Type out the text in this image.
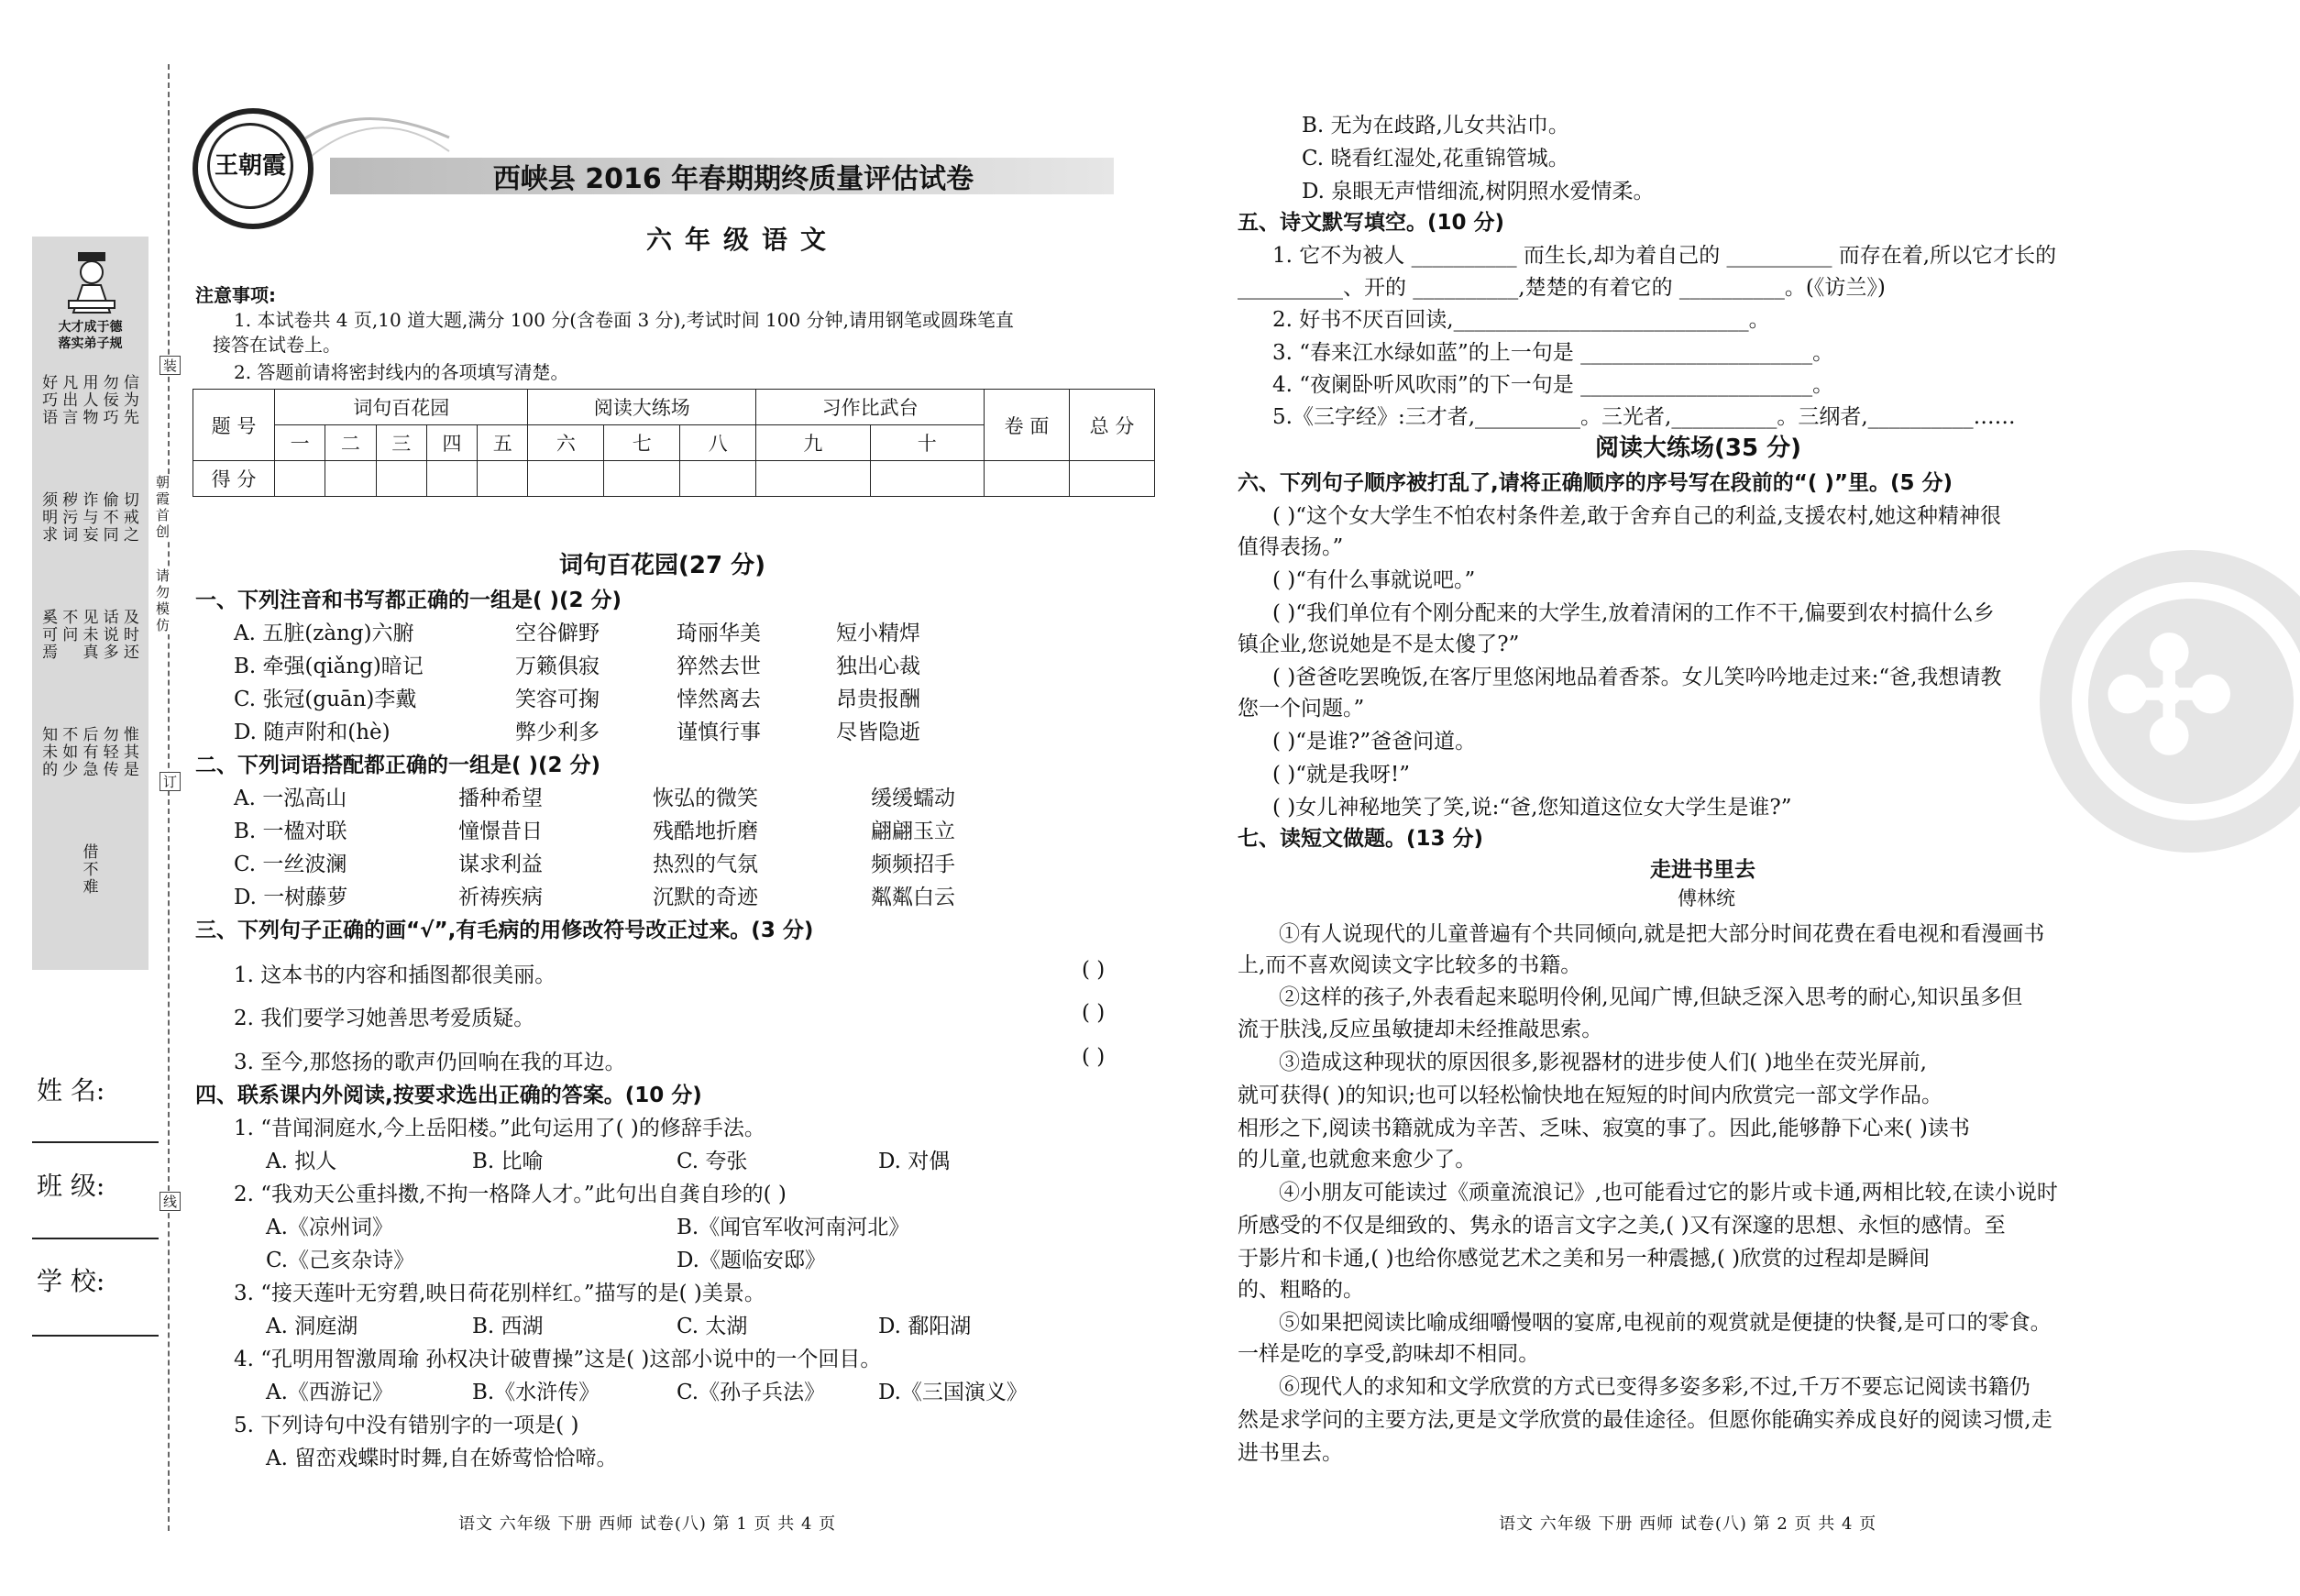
大才成于德
落实弟子规
好巧语 凡出言 用人物 勿佞巧 信为先
须明求 秽污词 诈与妄 偷不同 切戒之
奚可焉 不问 见未真 话说多 及时还
知未的 不如少 后有急 勿轻传 惟其是
借不难
装
订
线
朝霞首创
请勿模仿
姓 名:
班 级:
学 校:
王朝霞	西峡县 2016 年春期期终质量评估试卷
六年级语文
注意事项:
1. 本试卷共 4 页,10 道大题,满分 100 分(含卷面 3 分),考试时间 100 分钟,请用钢笔或圆珠笔直
接答在试卷上。
2. 答题前请将密封线内的各项填写清楚。
题 号	词句百花园					阅读大练场			习作比武台		卷 面	总 分
	一	二	三	四	五	六	七	八	九	十		
得 分												
词句百花园(27 分)
一、下列注音和书写都正确的一组是( )(2 分)
A. 五脏(zàng)六腑	空谷僻野	琦丽华美	短小精焊
B. 牵强(qiǎng)暗记	万籁俱寂	猝然去世	独出心裁
C. 张冠(guān)李戴	笑容可掬	悻然离去	昂贵报酬
D. 随声附和(hè)	弊少利多	谨慎行事	尽皆隐逝
二、下列词语搭配都正确的一组是( )(2 分)
A. 一泓高山	播种希望	恢弘的微笑	缓缓蠕动
B. 一楹对联	憧憬昔日	残酷地折磨	翩翩玉立
C. 一丝波澜	谋求利益	热烈的气氛	频频招手
D. 一树藤萝	祈祷疾病	沉默的奇迹	粼粼白云
三、下列句子正确的画“√”,有毛病的用修改符号改正过来。(3 分)
1. 这本书的内容和插图都很美丽。	( )
2. 我们要学习她善思考爱质疑。	( )
3. 至今,那悠扬的歌声仍回响在我的耳边。	( )
四、联系课内外阅读,按要求选出正确的答案。(10 分)
1. “昔闻洞庭水,今上岳阳楼。”此句运用了( )的修辞手法。
A. 拟人	B. 比喻	C. 夸张	D. 对偶
2. “我劝天公重抖擞,不拘一格降人才。”此句出自龚自珍的( )
A.《凉州词》	B.《闻官军收河南河北》
C.《己亥杂诗》	D.《题临安邸》
3. “接天莲叶无穷碧,映日荷花别样红。”描写的是( )美景。
A. 洞庭湖	B. 西湖	C. 太湖	D. 鄱阳湖
4. “孔明用智激周瑜 孙权决计破曹操”这是( )这部小说中的一个回目。
A.《西游记》	B.《水浒传》	C.《孙子兵法》	D.《三国演义》
5. 下列诗句中没有错别字的一项是( )
A. 留峦戏蝶时时舞,自在娇莺恰恰啼。
语文 六年级 下册 西师 试卷(八) 第 1 页 共 4 页
✣
B. 无为在歧路,儿女共沾巾。
C. 晓看红湿处,花重锦管城。
D. 泉眼无声惜细流,树阴照水爱情柔。
五、诗文默写填空。(10 分)
1. 它不为被人 __________ 而生长,却为着自己的 __________ 而存在着,所以它才长的
__________、开的 __________,楚楚的有着它的 __________。(《访兰》)
2. 好书不厌百回读,____________________________。
3. “春来江水绿如蓝”的上一句是 ______________________。
4. “夜阑卧听风吹雨”的下一句是 ______________________。
5.《三字经》:三才者,__________。三光者,__________。三纲者,__________……
阅读大练场(35 分)
六、下列句子顺序被打乱了,请将正确顺序的序号写在段前的“( )”里。(5 分)
( )“这个女大学生不怕农村条件差,敢于舍弃自己的利益,支援农村,她这种精神很
值得表扬。”
( )“有什么事就说吧。”
( )“我们单位有个刚分配来的大学生,放着清闲的工作不干,偏要到农村搞什么乡
镇企业,您说她是不是太傻了?”
( )爸爸吃罢晚饭,在客厅里悠闲地品着香茶。女儿笑吟吟地走过来:“爸,我想请教
您一个问题。”
( )“是谁?”爸爸问道。
( )“就是我呀!”
( )女儿神秘地笑了笑,说:“爸,您知道这位女大学生是谁?”
七、读短文做题。(13 分)
走进书里去
傅林统
①有人说现代的儿童普遍有个共同倾向,就是把大部分时间花费在看电视和看漫画书
上,而不喜欢阅读文字比较多的书籍。
②这样的孩子,外表看起来聪明伶俐,见闻广博,但缺乏深入思考的耐心,知识虽多但
流于肤浅,反应虽敏捷却未经推敲思索。
③造成这种现状的原因很多,影视器材的进步使人们( )地坐在荧光屏前,
就可获得( )的知识;也可以轻松愉快地在短短的时间内欣赏完一部文学作品。
相形之下,阅读书籍就成为辛苦、乏味、寂寞的事了。因此,能够静下心来( )读书
的儿童,也就愈来愈少了。
④小朋友可能读过《顽童流浪记》,也可能看过它的影片或卡通,两相比较,在读小说时
所感受的不仅是细致的、隽永的语言文字之美,( )又有深邃的思想、永恒的感情。至
于影片和卡通,( )也给你感觉艺术之美和另一种震撼,( )欣赏的过程却是瞬间
的、粗略的。
⑤如果把阅读比喻成细嚼慢咽的宴席,电视前的观赏就是便捷的快餐,是可口的零食。
一样是吃的享受,韵味却不相同。
⑥现代人的求知和文学欣赏的方式已变得多姿多彩,不过,千万不要忘记阅读书籍仍
然是求学问的主要方法,更是文学欣赏的最佳途径。但愿你能确实养成良好的阅读习惯,走
进书里去。
语文 六年级 下册 西师 试卷(八) 第 2 页 共 4 页
